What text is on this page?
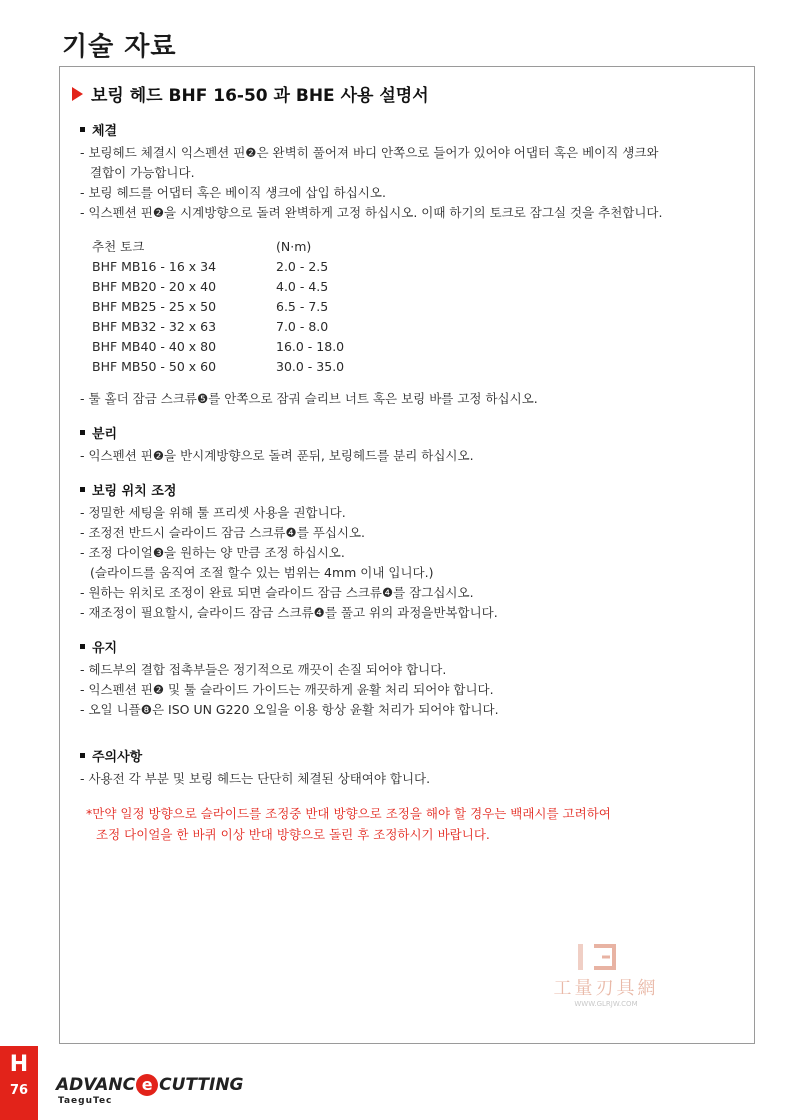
기술 자료
보링 헤드 BHF 16-50 과 BHE 사용 설명서
체결
- 보링헤드 체결시 익스펜션 핀❷은 완벽히 풀어져 바디 안쪽으로 들어가 있어야 어댑터 혹은 베이직 섕크와
결합이 가능합니다.
- 보링 헤드를 어댑터 혹은 베이직 섕크에 삽입 하십시오.
- 익스펜션 핀❷을 시계방향으로 돌려 완벽하게 고정 하십시오. 이때 하기의 토크로 잠그실 것을 추천합니다.
추천 토크	(N·m)
BHF MB16 - 16 x 34	2.0 - 2.5
BHF MB20 - 20 x 40	4.0 - 4.5
BHF MB25 - 25 x 50	6.5 - 7.5
BHF MB32 - 32 x 63	7.0 - 8.0
BHF MB40 - 40 x 80	16.0 - 18.0
BHF MB50 - 50 x 60	30.0 - 35.0
- 툴 홀더 잠금 스크류❺를 안쪽으로 잠궈 슬리브 너트 혹은 보링 바를 고정 하십시오.
분리
- 익스펜션 핀❷을 반시계방향으로 돌려 푼뒤, 보링헤드를 분리 하십시오.
보링 위치 조정
- 정밀한 세팅을 위해 툴 프리셋 사용을 권합니다.
- 조정전 반드시 슬라이드 잠금 스크류❹를 푸십시오.
- 조정 다이얼❸을 원하는 양 만큼 조정 하십시오.
(슬라이드를 움직여 조절 할수 있는 범위는 4mm 이내 입니다.)
- 원하는 위치로 조정이 완료 되면 슬라이드 잠금 스크류❹를 잠그십시오.
- 재조정이 필요할시, 슬라이드 잠금 스크류❹를 풀고 위의 과정을반복합니다.
유지
- 헤드부의 결합 접촉부들은 정기적으로 깨끗이 손질 되어야 합니다.
- 익스펜션 핀❷ 및 툴 슬라이드 가이드는 깨끗하게 윤활 처리 되어야 합니다.
- 오일 니플❽은 ISO UN G220 오일을 이용 항상 윤활 처리가 되어야 합니다.
주의사항
- 사용전 각 부분 및 보링 헤드는 단단히 체결된 상태여야 합니다.
*만약 일정 방향으로 슬라이드를 조정중 반대 방향으로 조정을 해야 할 경우는 백래시를 고려하여
조정 다이얼을 한 바퀴 이상 반대 방향으로 돌린 후 조정하시기 바랍니다.
工量刃具網
WWW.GLRJW.COM
H
76	ADVANC e CUTTING
TaeguTec
